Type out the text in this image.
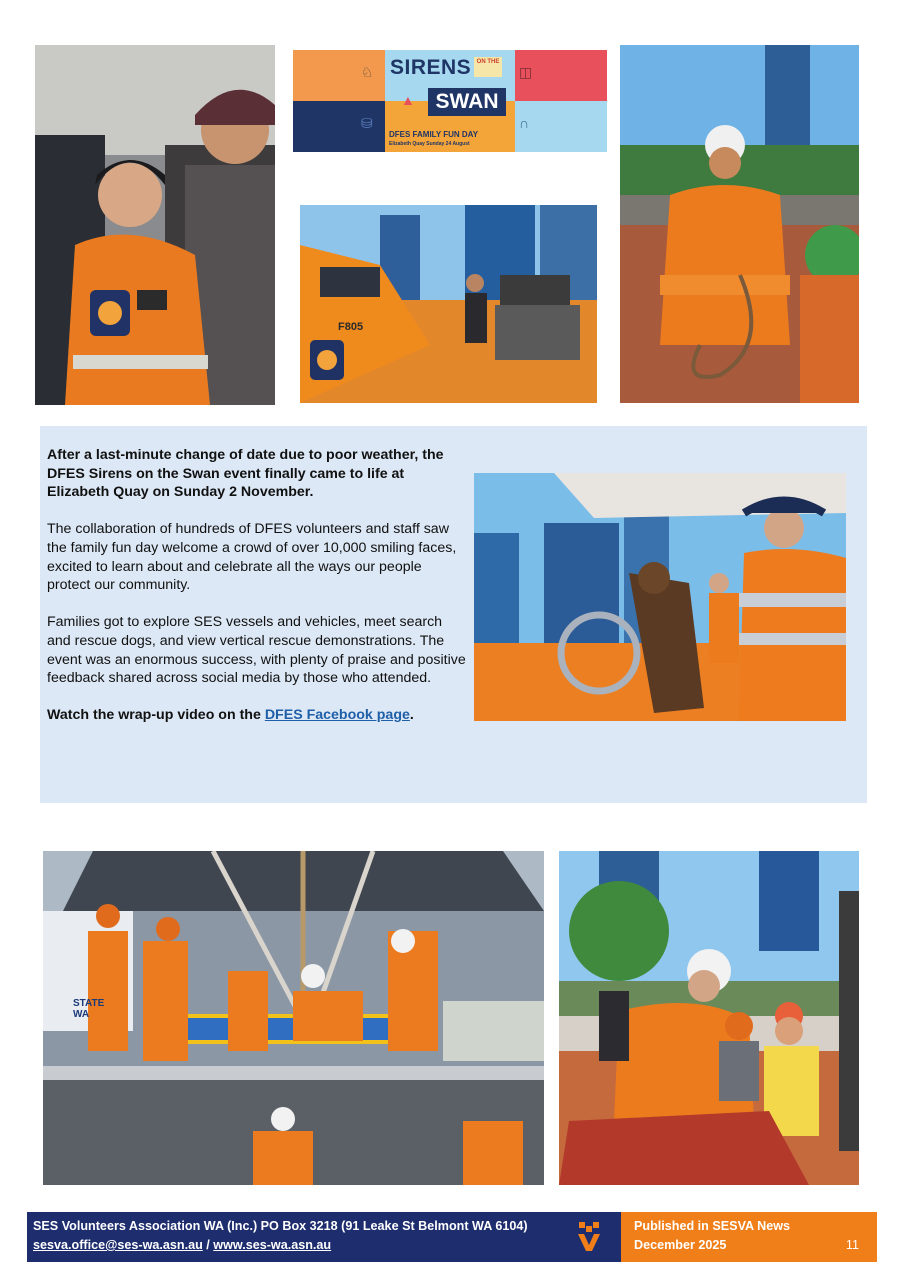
♘	◫
⛁	∩
SIRENS ON THE
▲ SWAN
DFES FAMILY FUN DAY
Elizabeth Quay Sunday 24 August
F805

After a last-minute change of date due to poor weather, the DFES Sirens on the Swan event finally came to life at Elizabeth Quay on Sunday 2 November.

The collaboration of hundreds of DFES volunteers and staff saw the family fun day welcome a crowd of over 10,000 smiling faces, excited to learn about and celebrate all the ways our people protect our community.

Families got to explore SES vessels and vehicles, meet search and rescue dogs, and view vertical rescue demonstrations. The event was an enormous success, with plenty of praise and positive feedback shared across social media by those who attended.

Watch the wrap-up video on the DFES Facebook page.

STATE
WA
SES Volunteers Association WA (Inc.) PO Box 3218 (91 Leake St Belmont WA 6104)
sesva.office@ses-wa.asn.au / www.ses-wa.asn.au
Published in SESVA News
December 2025	11
